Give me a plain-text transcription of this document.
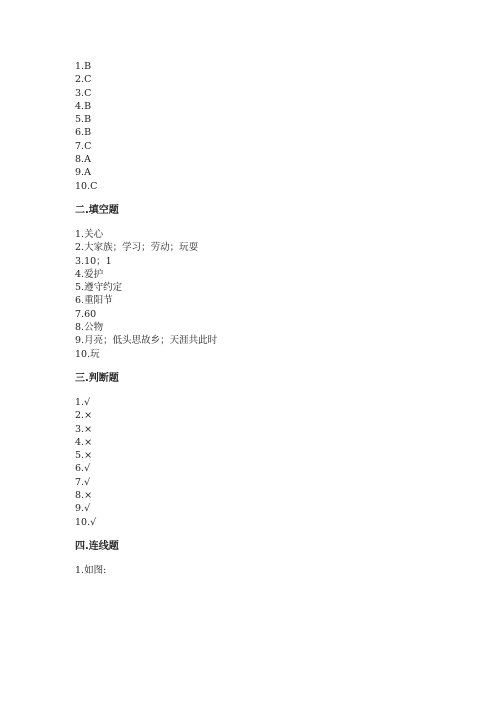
1.B
2.C
3.C
4.B
5.B
6.B
7.C
8.A
9.A
10.C
二.填空题
1.关心
2.大家族；学习；劳动；玩耍
3.10；1
4.爱护
5.遵守约定
6.重阳节
7.60
8.公物
9.月亮；低头思故乡；天涯共此时
10.玩
三.判断题
1.√
2.×
3.×
4.×
5.×
6.√
7.√
8.×
9.√
10.√
四.连线题
1.如图:
